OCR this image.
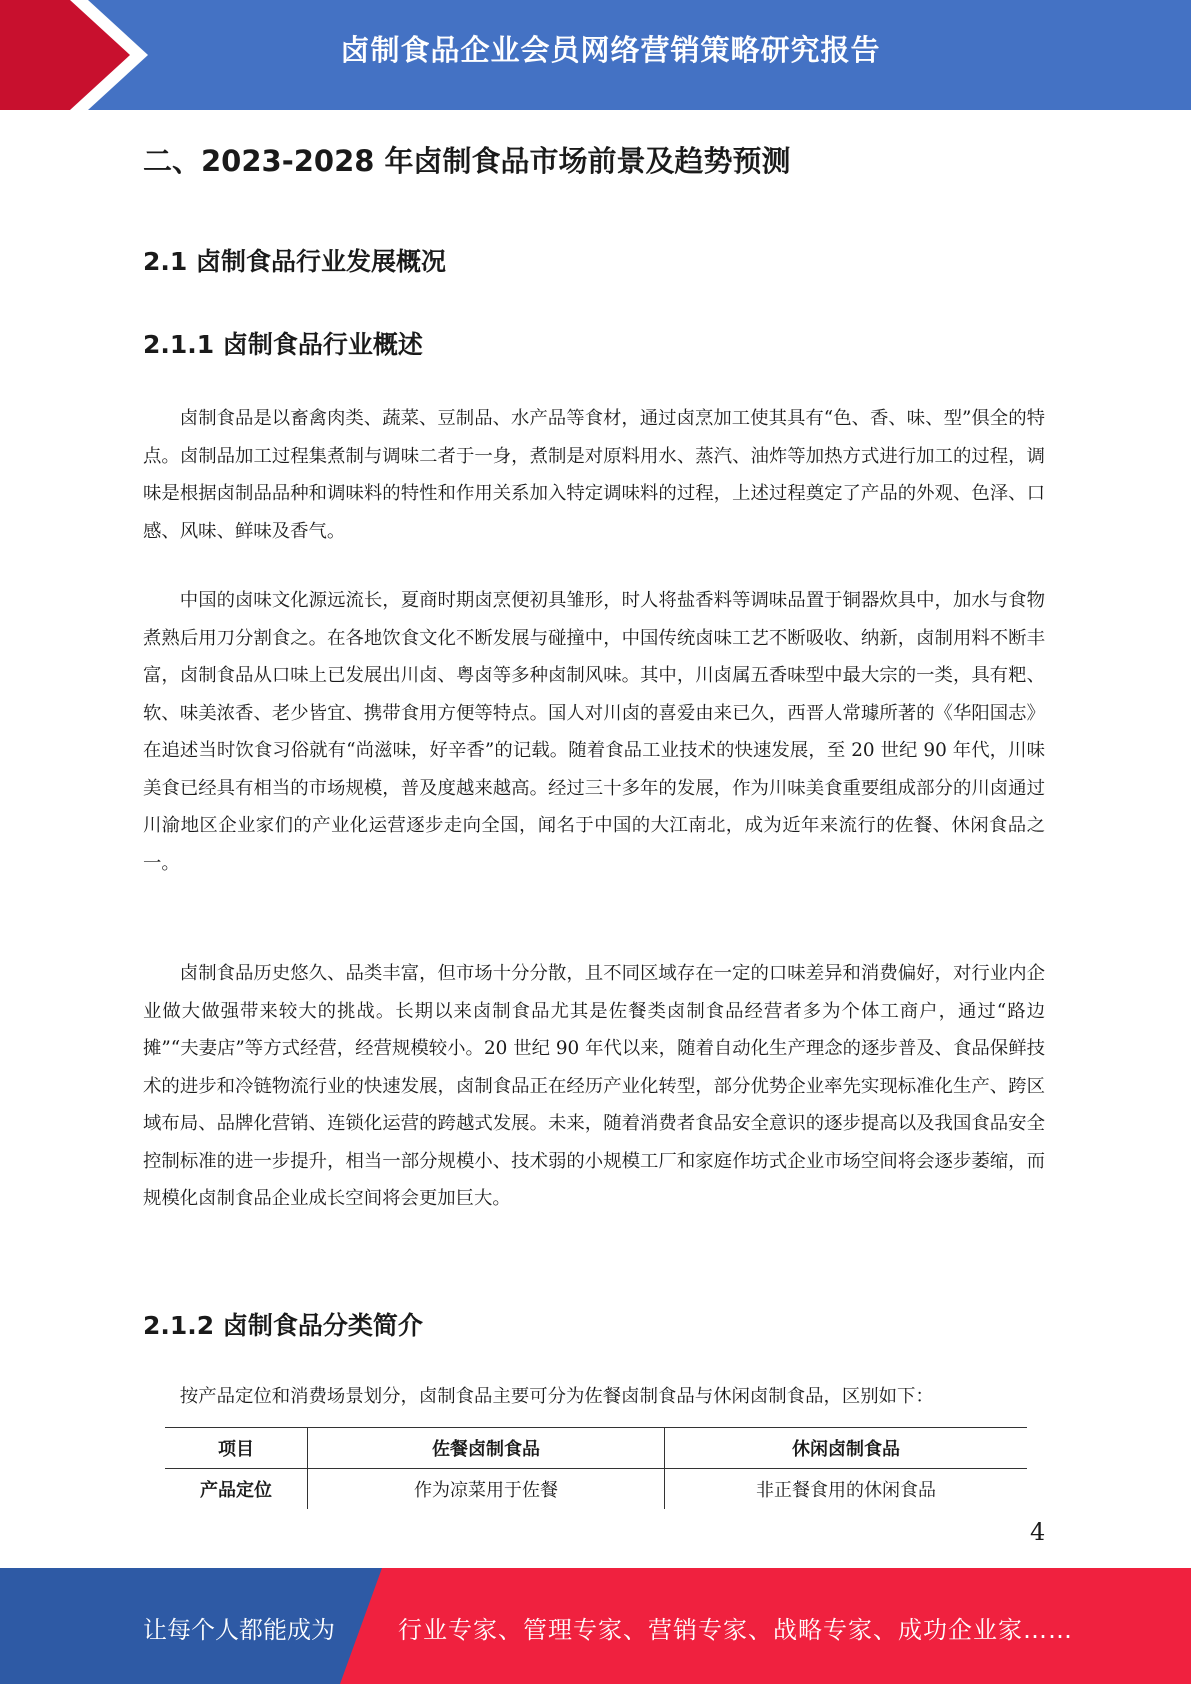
卤制食品企业会员网络营销策略研究报告
二、2023-2028 年卤制食品市场前景及趋势预测
2.1 卤制食品行业发展概况
2.1.1 卤制食品行业概述

卤制食品是以畜禽肉类、蔬菜、豆制品、水产品等食材，通过卤烹加工使其具有“色、香、味、型”俱全的特点。卤制品加工过程集煮制与调味二者于一身，煮制是对原料用水、蒸汽、油炸等加热方式进行加工的过程，调味是根据卤制品品种和调味料的特性和作用关系加入特定调味料的过程，上述过程奠定了产品的外观、色泽、口感、风味、鲜味及香气。

中国的卤味文化源远流长，夏商时期卤烹便初具雏形，时人将盐香料等调味品置于铜器炊具中，加水与食物煮熟后用刀分割食之。在各地饮食文化不断发展与碰撞中，中国传统卤味工艺不断吸收、纳新，卤制用料不断丰富，卤制食品从口味上已发展出川卤、粤卤等多种卤制风味。其中，川卤属五香味型中最大宗的一类，具有粑、软、味美浓香、老少皆宜、携带食用方便等特点。国人对川卤的喜爱由来已久，西晋人常璩所著的《华阳国志》在追述当时饮食习俗就有“尚滋味，好辛香”的记载。随着食品工业技术的快速发展，至 20 世纪 90 年代，川味美食已经具有相当的市场规模，普及度越来越高。经过三十多年的发展，作为川味美食重要组成部分的川卤通过川渝地区企业家们的产业化运营逐步走向全国，闻名于中国的大江南北，成为近年来流行的佐餐、休闲食品之一。

卤制食品历史悠久、品类丰富，但市场十分分散，且不同区域存在一定的口味差异和消费偏好，对行业内企业做大做强带来较大的挑战。长期以来卤制食品尤其是佐餐类卤制食品经营者多为个体工商户，通过“路边摊”“夫妻店”等方式经营，经营规模较小。20 世纪 90 年代以来，随着自动化生产理念的逐步普及、食品保鲜技术的进步和冷链物流行业的快速发展，卤制食品正在经历产业化转型，部分优势企业率先实现标准化生产、跨区域布局、品牌化营销、连锁化运营的跨越式发展。未来，随着消费者食品安全意识的逐步提高以及我国食品安全控制标准的进一步提升，相当一部分规模小、技术弱的小规模工厂和家庭作坊式企业市场空间将会逐步萎缩，而规模化卤制食品企业成长空间将会更加巨大。

2.1.2 卤制食品分类简介

按产品定位和消费场景划分，卤制食品主要可分为佐餐卤制食品与休闲卤制食品，区别如下：

项目	佐餐卤制食品	休闲卤制食品
产品定位	作为凉菜用于佐餐	非正餐食用的休闲食品
4
让每个人都能成为	行业专家、管理专家、营销专家、战略专家、成功企业家……
